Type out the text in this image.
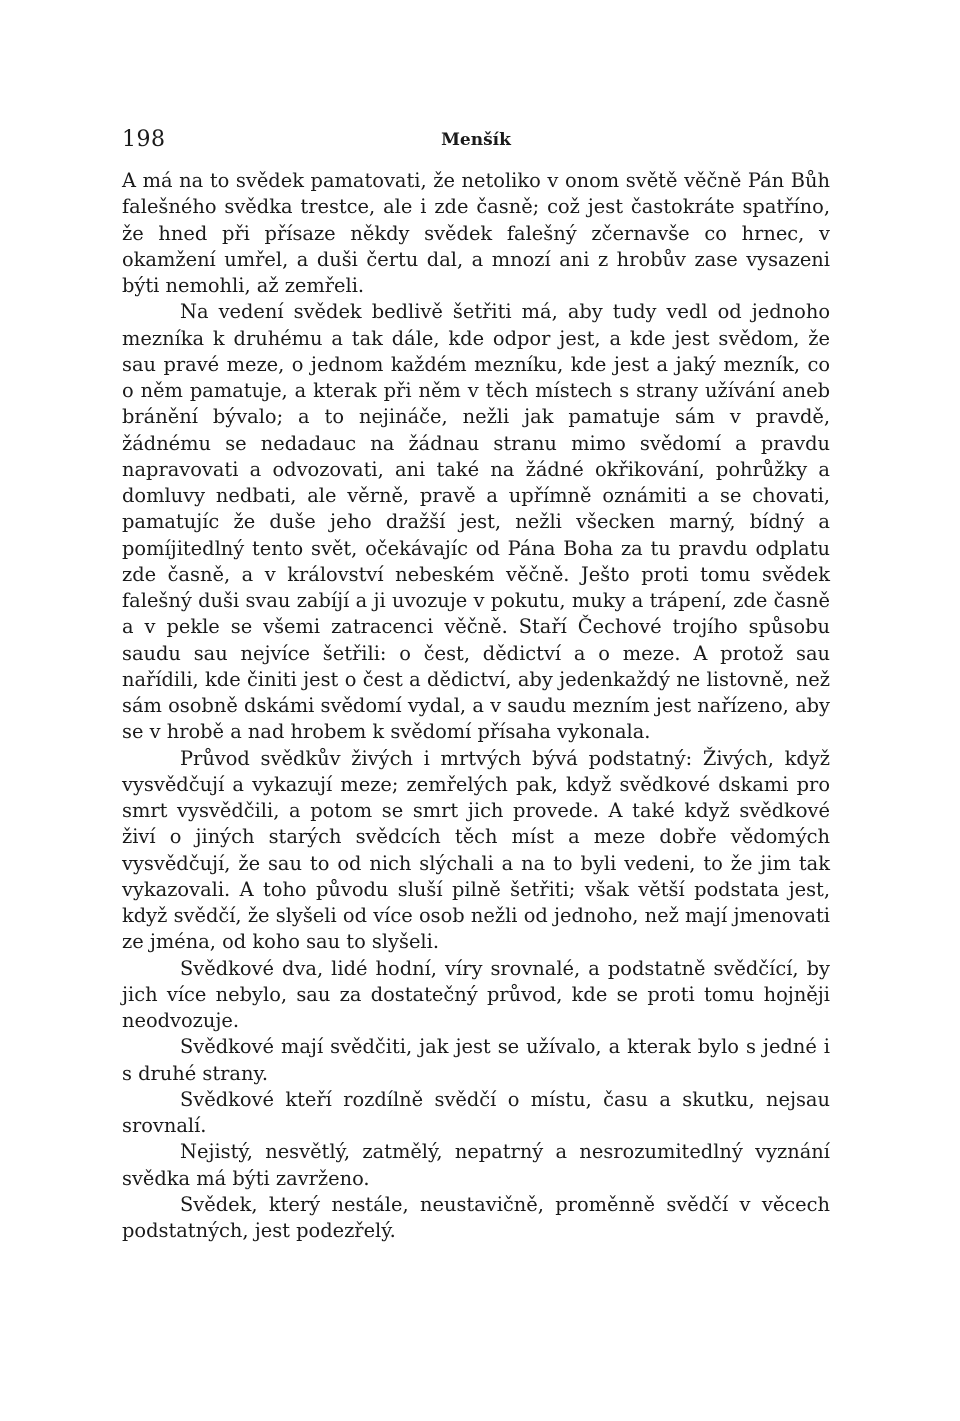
198	Menšík

A má na to svědek pamatovati, že netoliko v onom světě věčně Pán Bůh falešného svědka trestce, ale i zde časně; což jest častokráte spatříno, že hned při přísaze někdy svědek falešný zčernavše co hrnec, v okamžení umřel, a duši čertu dal, a mnozí ani z hrobův zase vysazeni býti nemohli, až zemřeli.

Na vedení svědek bedlivě šetřiti má, aby tudy vedl od jednoho mezníka k druhému a tak dále, kde odpor jest, a kde jest svědom, že sau pravé meze, o jednom každém mezníku, kde jest a jaký mezník, co o něm pamatuje, a kterak při něm v těch místech s strany užívání aneb bránění bývalo; a to nejináče, nežli jak pamatuje sám v pravdě, žádnému se nedadauc na žádnau stranu mimo svědomí a pravdu napravovati a odvozovati, ani také na žádné okřikování, pohrůžky a domluvy nedbati, ale věrně, pravě a upřímně oznámiti a se chovati, pamatujíc že duše jeho dražší jest, nežli všecken marný, bídný a pomíjitedlný tento svět, očekávajíc od Pána Boha za tu pravdu odplatu zde časně, a v království nebeském věčně. Ješto proti tomu svědek falešný duši svau zabíjí a ji uvozuje v pokutu, muky a trápení, zde časně a v pekle se všemi zatracenci věčně. Staří Čechové trojího spůsobu saudu sau nejvíce šetřili: o čest, dědictví a o meze. A protož sau nařídili, kde činiti jest o čest a dědictví, aby jedenkaždý ne listovně, než sám osobně dskámi svědomí vydal, a v saudu mezním jest nařízeno, aby se v hrobě a nad hrobem k svědomí přísaha vykonala.

Průvod svědkův živých i mrtvých bývá podstatný: Živých, když vysvědčují a vykazují meze; zemřelých pak, když svědkové dskami pro smrt vysvědčili, a potom se smrt jich provede. A také když svědkové živí o jiných starých svědcích těch míst a meze dobře vědomých vysvědčují, že sau to od nich slýchali a na to byli vedeni, to že jim tak vykazovali. A toho původu sluší pilně šetřiti; však větší podstata jest, když svědčí, že slyšeli od více osob nežli od jednoho, než mají jmenovati ze jména, od koho sau to slyšeli.

Svědkové dva, lidé hodní, víry srovnalé, a podstatně svědčící, by jich více nebylo, sau za dostatečný průvod, kde se proti tomu hojněji neodvozuje.

Svědkové mají svědčiti, jak jest se užívalo, a kterak bylo s jedné i s druhé strany.

Svědkové kteří rozdílně svědčí o místu, času a skutku, nejsau srovnalí.

Nejistý, nesvětlý, zatmělý, nepatrný a nesrozumitedlný vyznání svědka má býti zavrženo.

Svědek, který nestále, neustavičně, proměnně svědčí v věcech podstatných, jest podezřelý.
